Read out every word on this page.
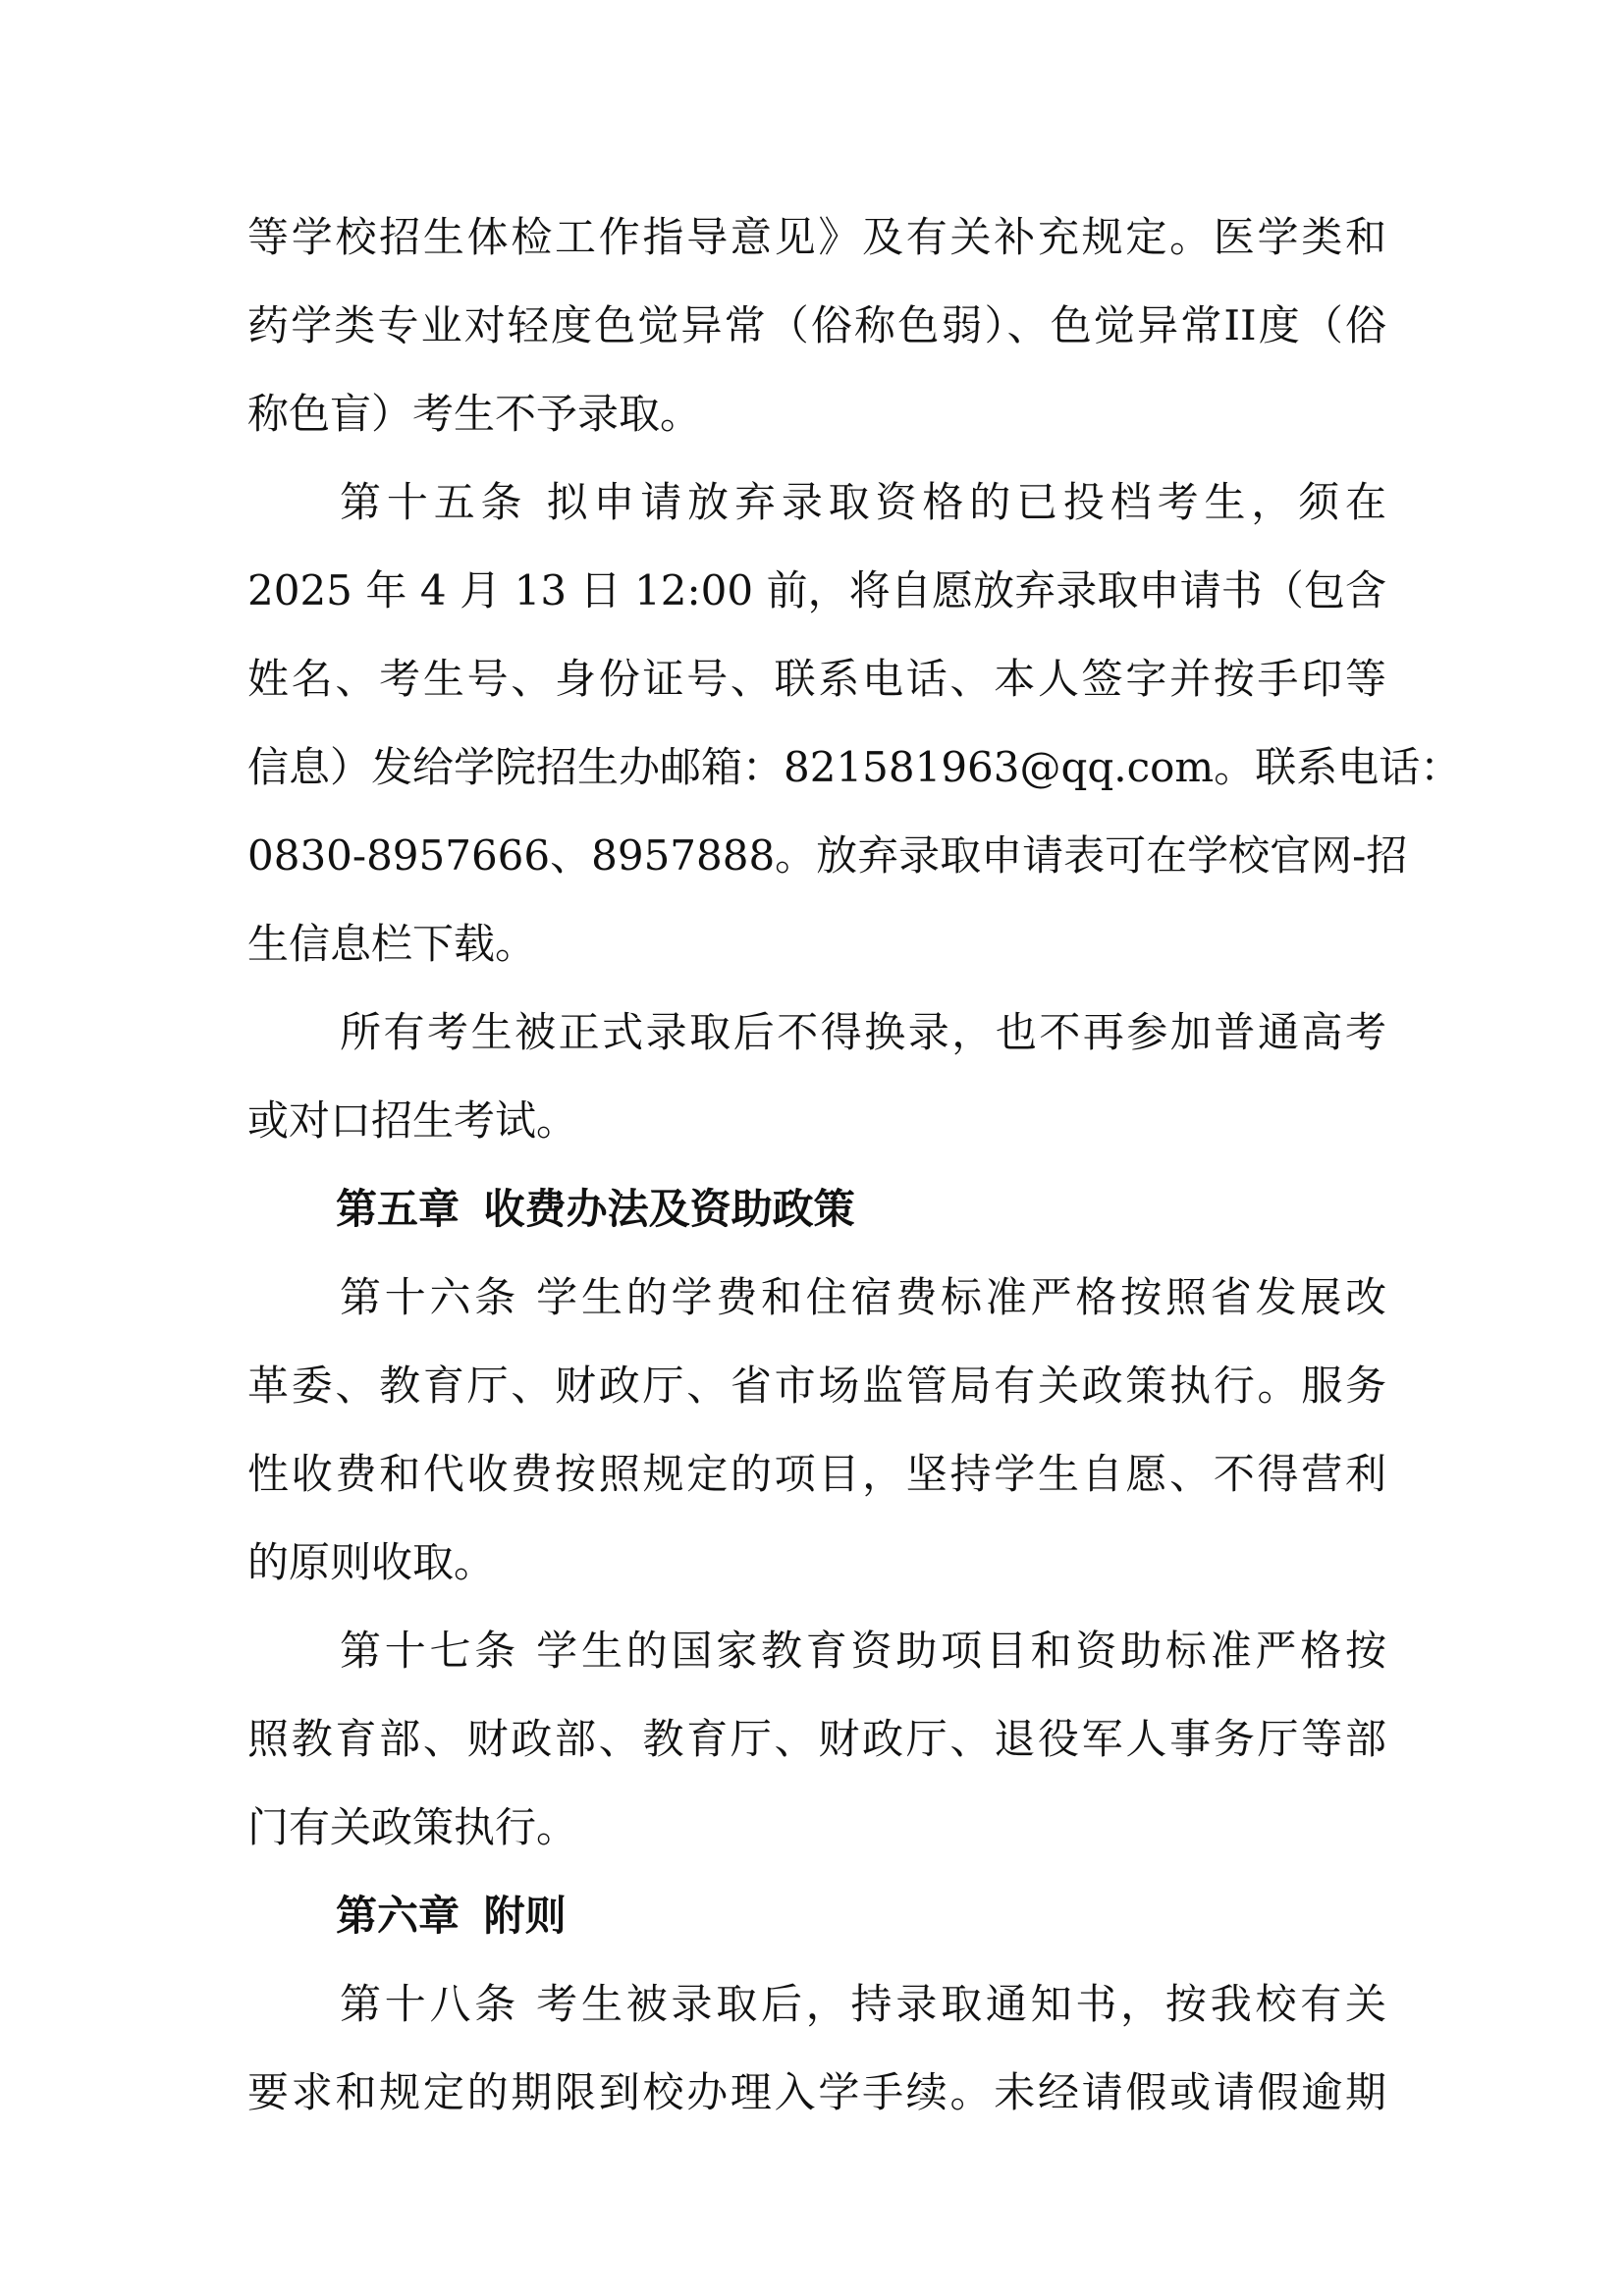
等学校招生体检工作指导意见》及有关补充规定。医学类和
药学类专业对轻度色觉异常（俗称色弱）、色觉异常II度（俗
称色盲）考生不予录取。
第十五条 拟申请放弃录取资格的已投档考生，须在
2025 年 4 月 13 日 12:00 前，将自愿放弃录取申请书（包含
姓名、考生号、身份证号、联系电话、本人签字并按手印等
信息）发给学院招生办邮箱：821581963@qq.com。联系电话：
0830-8957666、8957888。放弃录取申请表可在学校官网-招
生信息栏下载。
所有考生被正式录取后不得换录，也不再参加普通高考
或对口招生考试。
第五章 收费办法及资助政策
第十六条 学生的学费和住宿费标准严格按照省发展改
革委、教育厅、财政厅、省市场监管局有关政策执行。服务
性收费和代收费按照规定的项目，坚持学生自愿、不得营利
的原则收取。
第十七条 学生的国家教育资助项目和资助标准严格按
照教育部、财政部、教育厅、财政厅、退役军人事务厅等部
门有关政策执行。
第六章 附则
第十八条 考生被录取后，持录取通知书，按我校有关
要求和规定的期限到校办理入学手续。未经请假或请假逾期
